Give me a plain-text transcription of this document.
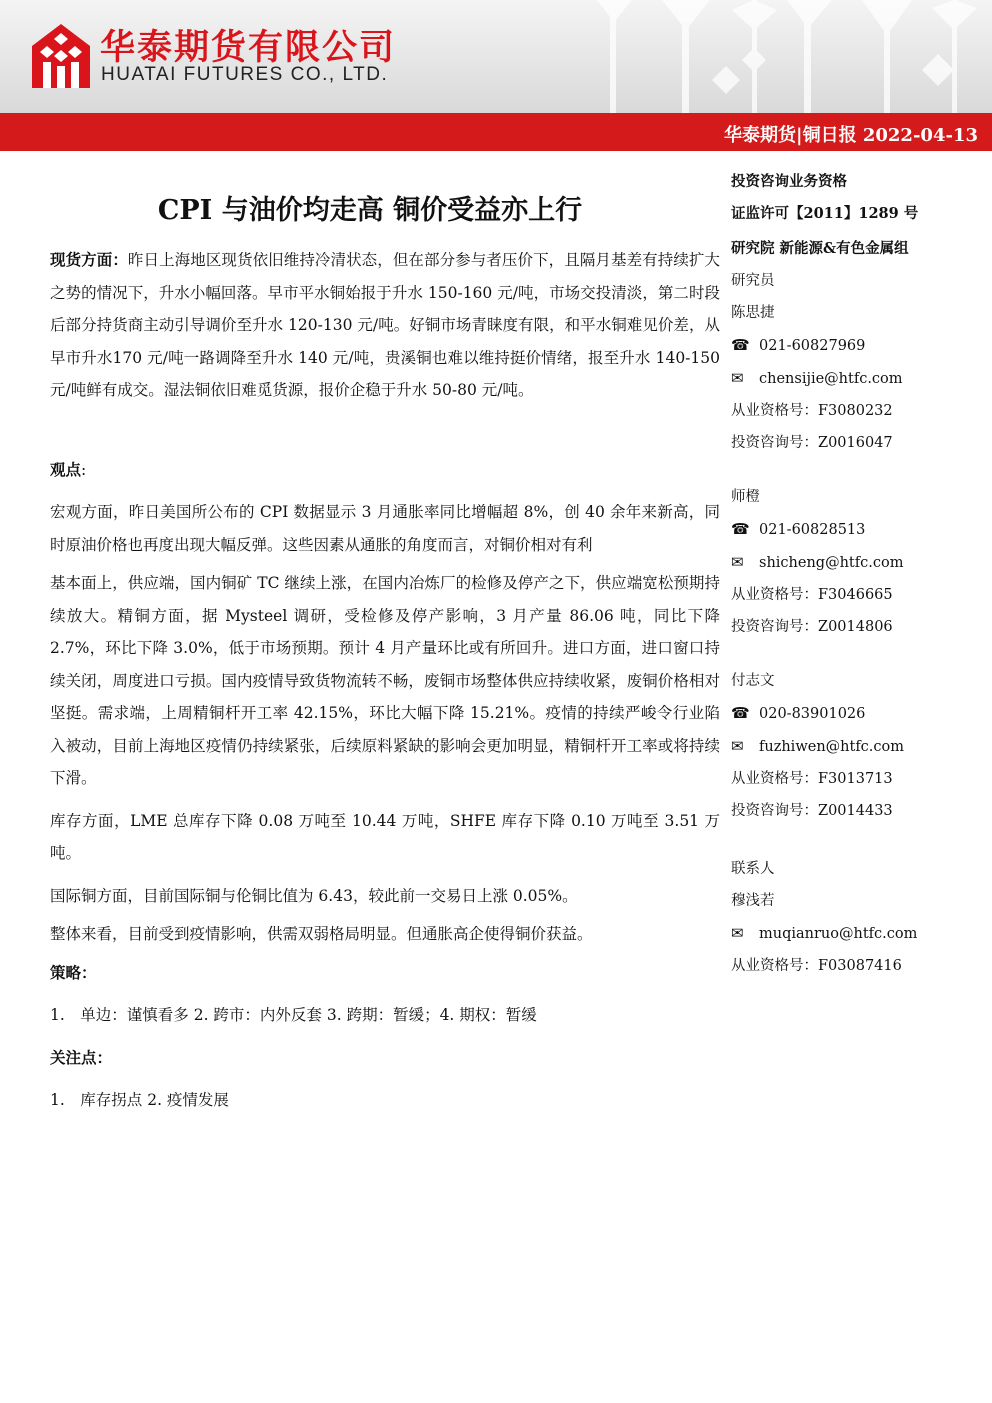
华泰期货有限公司
HUATAI FUTURES CO., LTD.
华泰期货|铜日报 2022-04-13
CPI 与油价均走高 铜价受益亦上行

现货方面：昨日上海地区现货依旧维持冷清状态，但在部分参与者压价下，且隔月基差有持续扩大之势的情况下，升水小幅回落。早市平水铜始报于升水 150-160 元/吨，市场交投清淡，第二时段后部分持货商主动引导调价至升水 120-130 元/吨。好铜市场青睐度有限，和平水铜难见价差，从早市升水170 元/吨一路调降至升水 140 元/吨，贵溪铜也难以维持挺价情绪，报至升水 140-150 元/吨鲜有成交。湿法铜依旧难觅货源，报价企稳于升水 50-80 元/吨。

观点:

宏观方面，昨日美国所公布的 CPI 数据显示 3 月通胀率同比增幅超 8%，创 40 余年来新高，同时原油价格也再度出现大幅反弹。这些因素从通胀的角度而言，对铜价相对有利

基本面上，供应端，国内铜矿 TC 继续上涨，在国内冶炼厂的检修及停产之下，供应端宽松预期持续放大。精铜方面，据 Mysteel 调研，受检修及停产影响，3 月产量 86.06 吨，同比下降 2.7%，环比下降 3.0%，低于市场预期。预计 4 月产量环比或有所回升。进口方面，进口窗口持续关闭，周度进口亏损。国内疫情导致货物流转不畅，废铜市场整体供应持续收紧，废铜价格相对坚挺。需求端，上周精铜杆开工率 42.15%，环比大幅下降 15.21%。疫情的持续严峻令行业陷入被动，目前上海地区疫情仍持续紧张，后续原料紧缺的影响会更加明显，精铜杆开工率或将持续下滑。

库存方面，LME 总库存下降 0.08 万吨至 10.44 万吨，SHFE 库存下降 0.10 万吨至 3.51 万吨。

国际铜方面，目前国际铜与伦铜比值为 6.43，较此前一交易日上涨 0.05%。

整体来看，目前受到疫情影响，供需双弱格局明显。但通胀高企使得铜价获益。

策略：

1.　单边：谨慎看多 2. 跨市：内外反套 3. 跨期：暂缓；4. 期权：暂缓

关注点：

1.　库存拐点 2. 疫情发展

投资咨询业务资格
证监许可【2011】1289 号
研究院 新能源&有色金属组
研究员
陈思捷
☎ 021-60827969
✉ chensijie@htfc.com
从业资格号：F3080232
投资咨询号：Z0016047
师橙
☎ 021-60828513
✉ shicheng@htfc.com
从业资格号：F3046665
投资咨询号：Z0014806
付志文
☎ 020-83901026
✉ fuzhiwen@htfc.com
从业资格号：F3013713
投资咨询号：Z0014433
联系人
穆浅若
✉ muqianruo@htfc.com
从业资格号：F03087416
